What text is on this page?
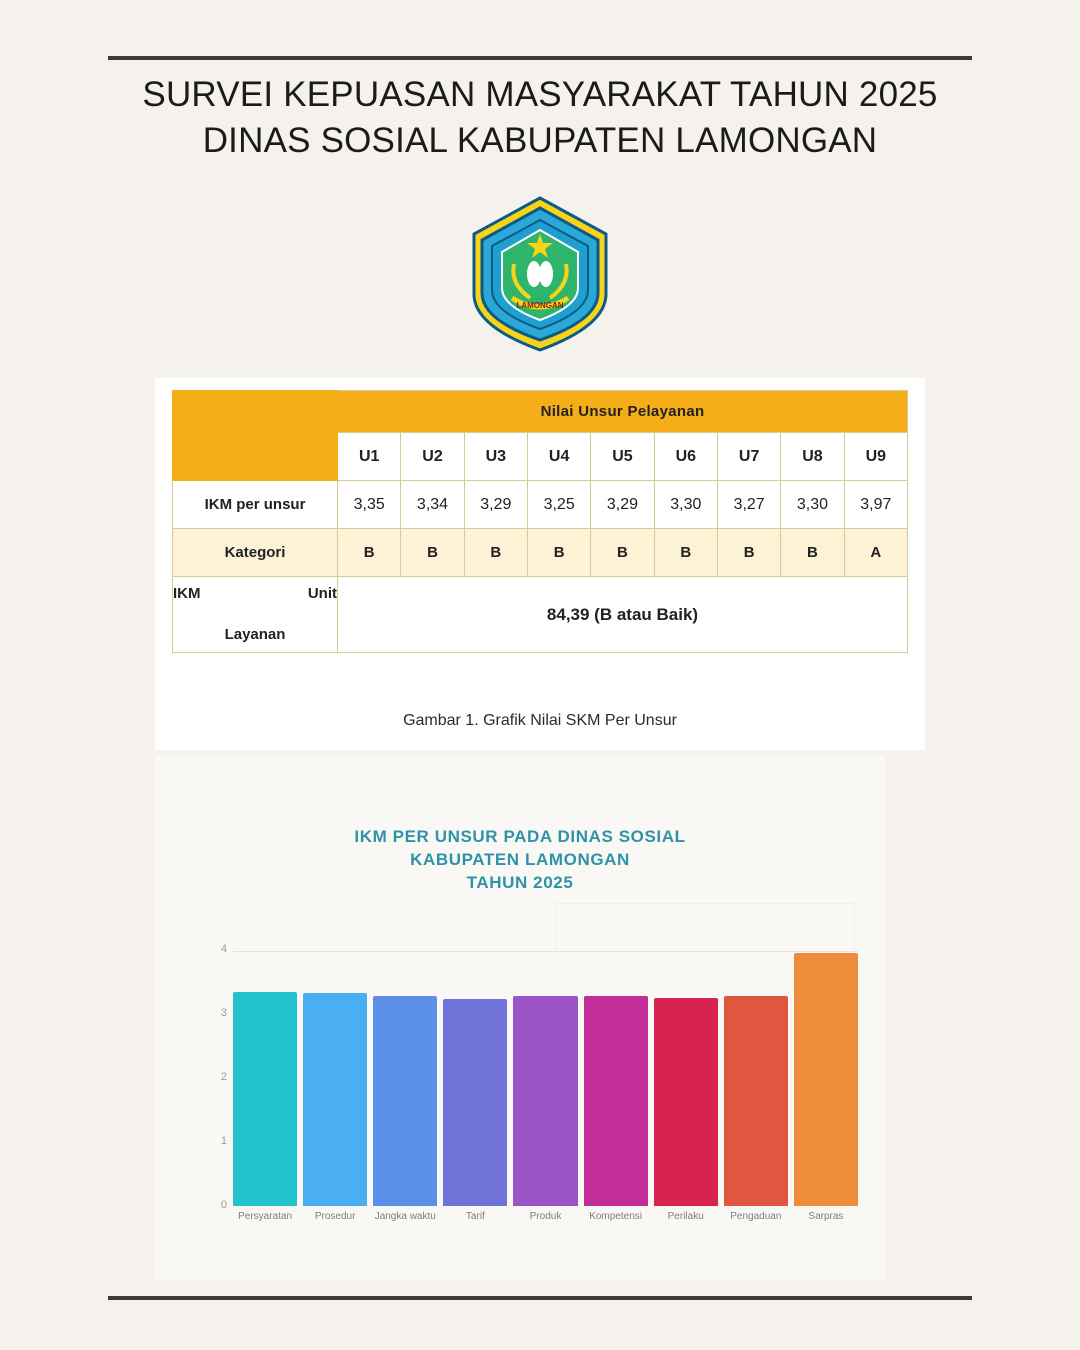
SURVEI KEPUASAN MASYARAKAT TAHUN 2025
DINAS SOSIAL KABUPATEN LAMONGAN
LAMONGAN
	Nilai Unsur Pelayanan								
	U1	U2	U3	U4	U5	U6	U7	U8	U9
IKM per unsur	3,35	3,34	3,29	3,25	3,29	3,30	3,27	3,30	3,97
Kategori	B	B	B	B	B	B	B	B	A

IKM Unit
Layanan	84,39 (B atau Baik)								
Gambar 1. Grafik Nilai SKM Per Unsur
IKM PER UNSUR PADA DINAS SOSIAL
KABUPATEN LAMONGAN
TAHUN 2025
4
3
2
1
0
Persyaratan	Prosedur	Jangka waktu	Tarif	Produk	Kompetensi	Perilaku	Pengaduan	Sarpras
